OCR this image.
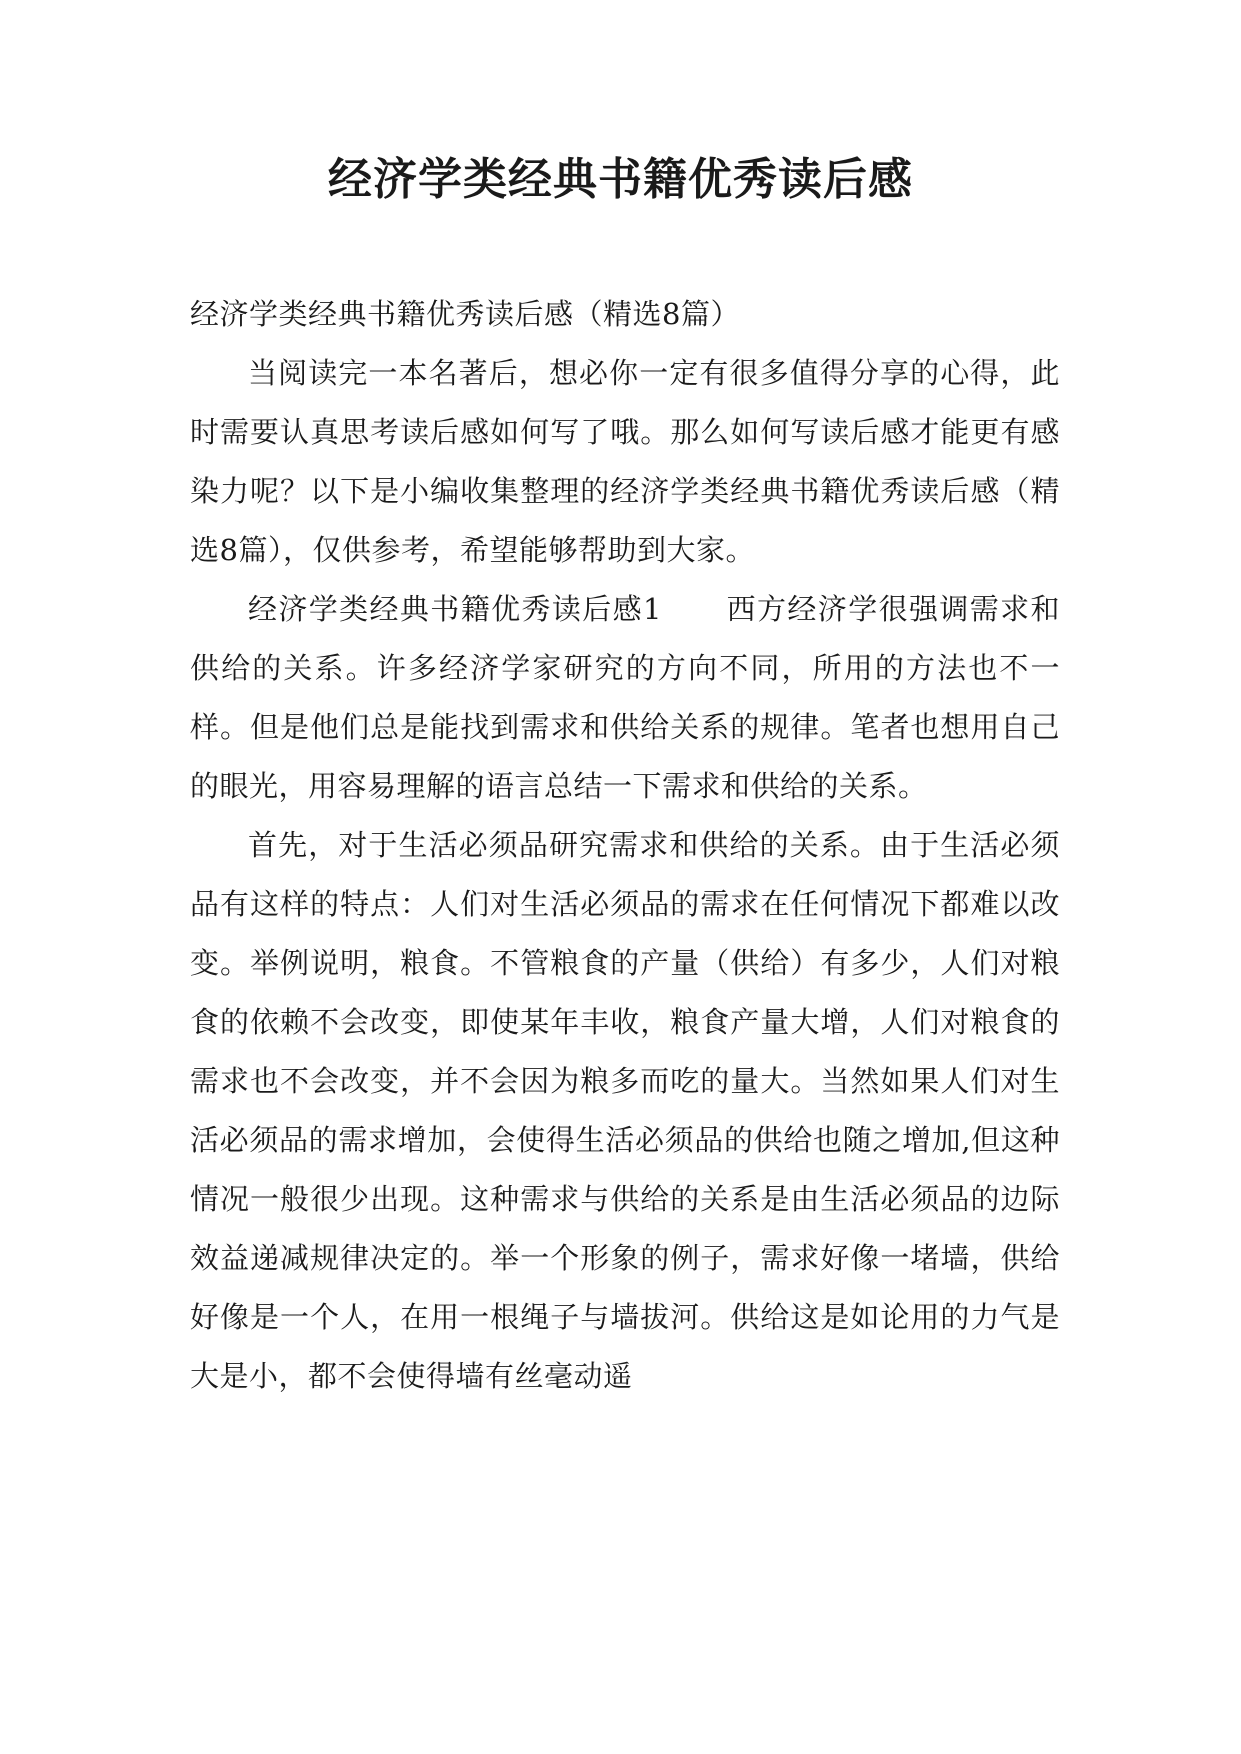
经济学类经典书籍优秀读后感

经济学类经典书籍优秀读后感（精选8篇）

当阅读完一本名著后，想必你一定有很多值得分享的心得，此时需要认真思考读后感如何写了哦。那么如何写读后感才能更有感染力呢？以下是小编收集整理的经济学类经典书籍优秀读后感（精选8篇），仅供参考，希望能够帮助到大家。

经济学类经典书籍优秀读后感1 西方经济学很强调需求和供给的关系。许多经济学家研究的方向不同，所用的方法也不一样。但是他们总是能找到需求和供给关系的规律。笔者也想用自己的眼光，用容易理解的语言总结一下需求和供给的关系。

首先，对于生活必须品研究需求和供给的关系。由于生活必须品有这样的特点：人们对生活必须品的需求在任何情况下都难以改变。举例说明，粮食。不管粮食的产量（供给）有多少，人们对粮食的依赖不会改变，即使某年丰收，粮食产量大增，人们对粮食的需求也不会改变，并不会因为粮多而吃的量大。当然如果人们对生活必须品的需求增加，会使得生活必须品的供给也随之增加,但这种情况一般很少出现。这种需求与供给的关系是由生活必须品的边际效益递减规律决定的。举一个形象的例子，需求好像一堵墙，供给好像是一个人，在用一根绳子与墙拔河。供给这是如论用的力气是大是小，都不会使得墙有丝毫动遥
